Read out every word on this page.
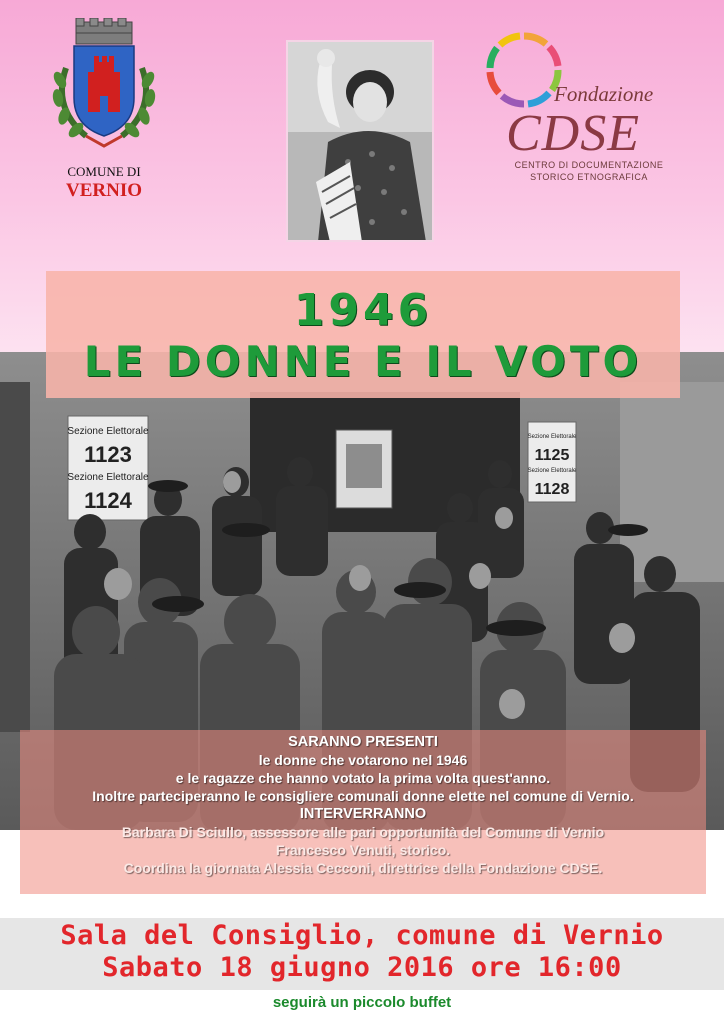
COMUNE DI
VERNIO
Fondazione
CDSE
CENTRO DI DOCUMENTAZIONE
STORICO ETNOGRAFICA
Sezione Elettorale
1123
Sezione Elettorale
1124
Sezione Elettorale
1125
Sezione Elettorale
1128
1946
LE DONNE E IL VOTO
SARANNO PRESENTI
le donne che votarono nel 1946
e le ragazze che hanno votato la prima volta quest'anno.
Inoltre parteciperanno le consigliere comunali donne elette nel comune di Vernio.
INTERVERRANNO
Barbara Di Sciullo, assessore alle pari opportunità del Comune di Vernio
Francesco Venuti, storico.
Coordina la giornata Alessia Cecconi, direttrice della Fondazione CDSE.
Sala del Consiglio, comune di Vernio
Sabato 18 giugno 2016 ore 16:00
seguirà un piccolo buffet
